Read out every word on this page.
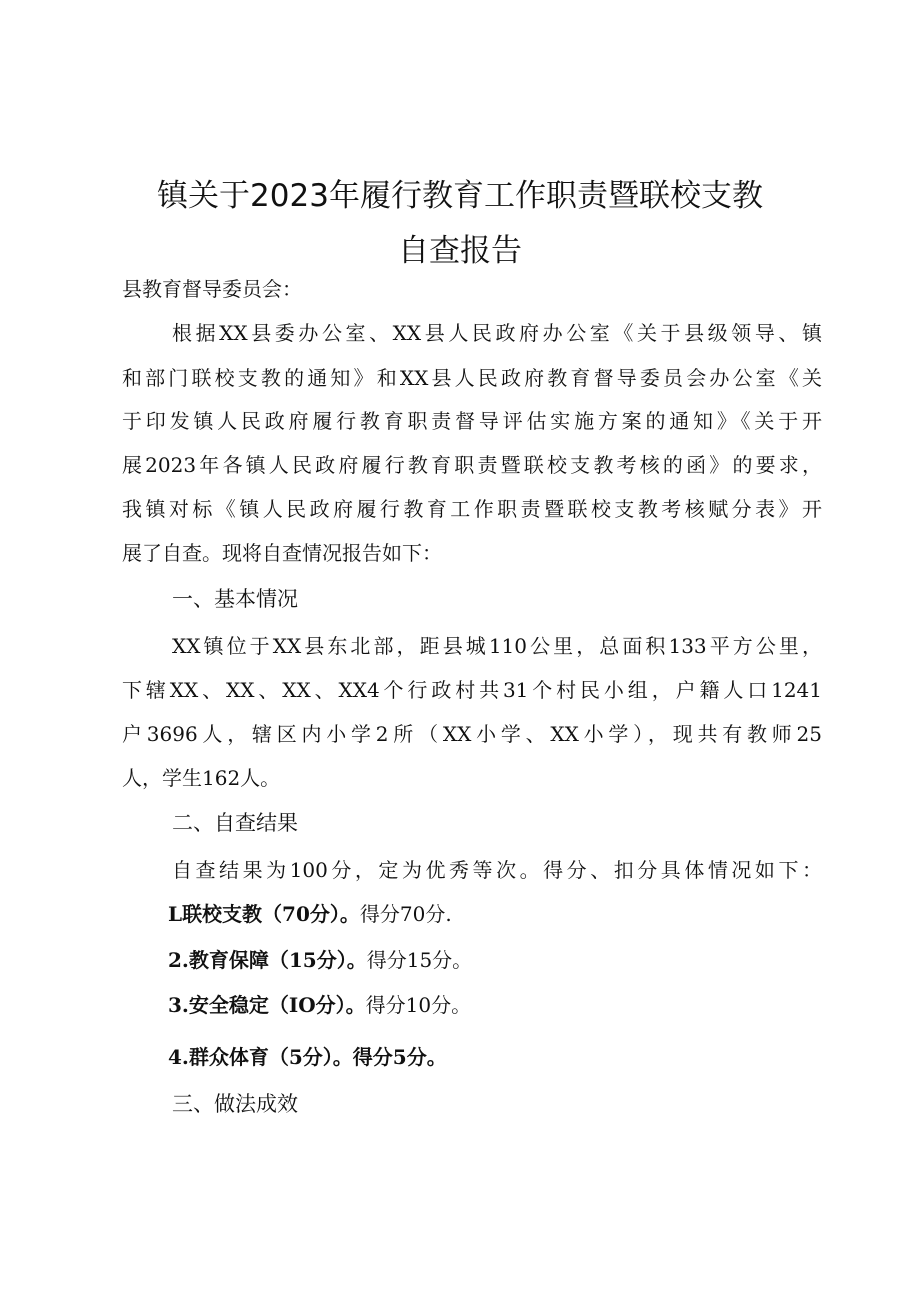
镇关于2023年履行教育工作职责暨联校支教
自查报告
县教育督导委员会：
根据XX县委办公室、XX县人民政府办公室《关于县级领导、镇
和部门联校支教的通知》和XX县人民政府教育督导委员会办公室《关
于印发镇人民政府履行教育职责督导评估实施方案的通知》《关于开
展2023年各镇人民政府履行教育职责暨联校支教考核的函》的要求，
我镇对标《镇人民政府履行教育工作职责暨联校支教考核赋分表》开
展了自查。现将自查情况报告如下：
一、基本情况
XX镇位于XX县东北部，距县城110公里，总面积133平方公里，
下辖XX、XX、XX、XX4个行政村共31个村民小组，户籍人口1241
户3696人，辖区内小学2所（XX小学、XX小学），现共有教师25
人，学生162人。
二、自查结果
自查结果为100分，定为优秀等次。得分、扣分具体情况如下：
L联校支教（70分）。得分70分.
2.教育保障（15分）。得分15分。
3.安全稳定（IO分）。得分10分。
4.群众体育（5分）。得分5分。
三、做法成效
